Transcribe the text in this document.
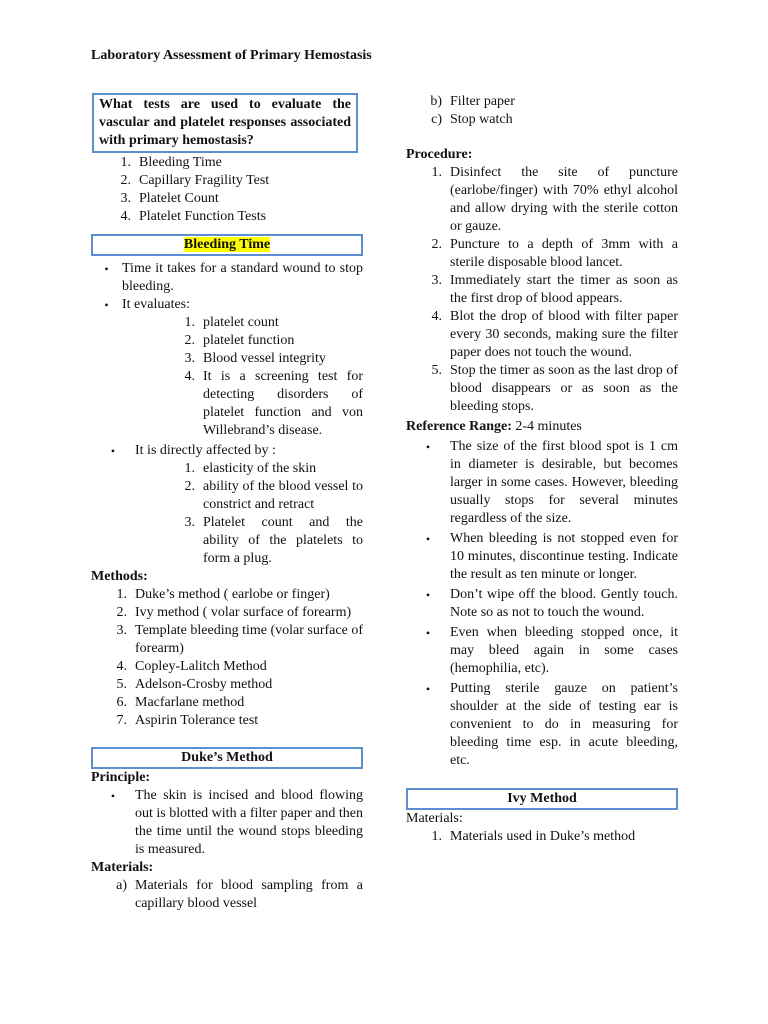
Laboratory Assessment of Primary Hemostasis
What tests are used to evaluate the vascular and platelet responses associated with primary hemostasis?
1. Bleeding Time
2. Capillary Fragility Test
3. Platelet Count
4. Platelet Function Tests
Bleeding Time
• Time it takes for a standard wound to stop bleeding.
• It evaluates:
1. platelet count
2. platelet function
3. Blood vessel integrity
4. It is a screening test for detecting disorders of platelet function and von Willebrand’s disease.
•	It is directly affected by :
1. elasticity of the skin
2. ability of the blood vessel to constrict and retract
3. Platelet count and the ability of the platelets to form a plug.
Methods:
1. Duke’s method ( earlobe or finger)
2. Ivy method ( volar surface of forearm)
3. Template bleeding time (volar surface of forearm)
4. Copley-Lalitch Method
5. Adelson-Crosby method
6. Macfarlane method
7. Aspirin Tolerance test
Duke’s Method
Principle:
•	The skin is incised and blood flowing out is blotted with a filter paper and then the time until the wound stops bleeding is measured.
Materials:
a) Materials for blood sampling from a capillary blood vessel
b) Filter paper
c) Stop watch
Procedure:
1. Disinfect the site of puncture (earlobe/finger) with 70% ethyl alcohol and allow drying with the sterile cotton or gauze.
2. Puncture to a depth of 3mm with a sterile disposable blood lancet.
3. Immediately start the timer as soon as the first drop of blood appears.
4. Blot the drop of blood with filter paper every 30 seconds, making sure the filter paper does not touch the wound.
5. Stop the timer as soon as the last drop of blood disappears or as soon as the bleeding stops.
Reference Range: 2-4 minutes
•	The size of the first blood spot is 1 cm in diameter is desirable, but becomes larger in some cases. However, bleeding usually stops for several minutes regardless of the size.
•	When bleeding is not stopped even for 10 minutes, discontinue testing. Indicate the result as ten minute or longer.
•	Don’t wipe off the blood. Gently touch. Note so as not to touch the wound.
•	Even when bleeding stopped once, it may bleed again in some cases (hemophilia, etc).
•	Putting sterile gauze on patient’s shoulder at the side of testing ear is convenient to do in measuring for bleeding time esp. in acute bleeding, etc.
Ivy Method
Materials:
1. Materials used in Duke’s method
